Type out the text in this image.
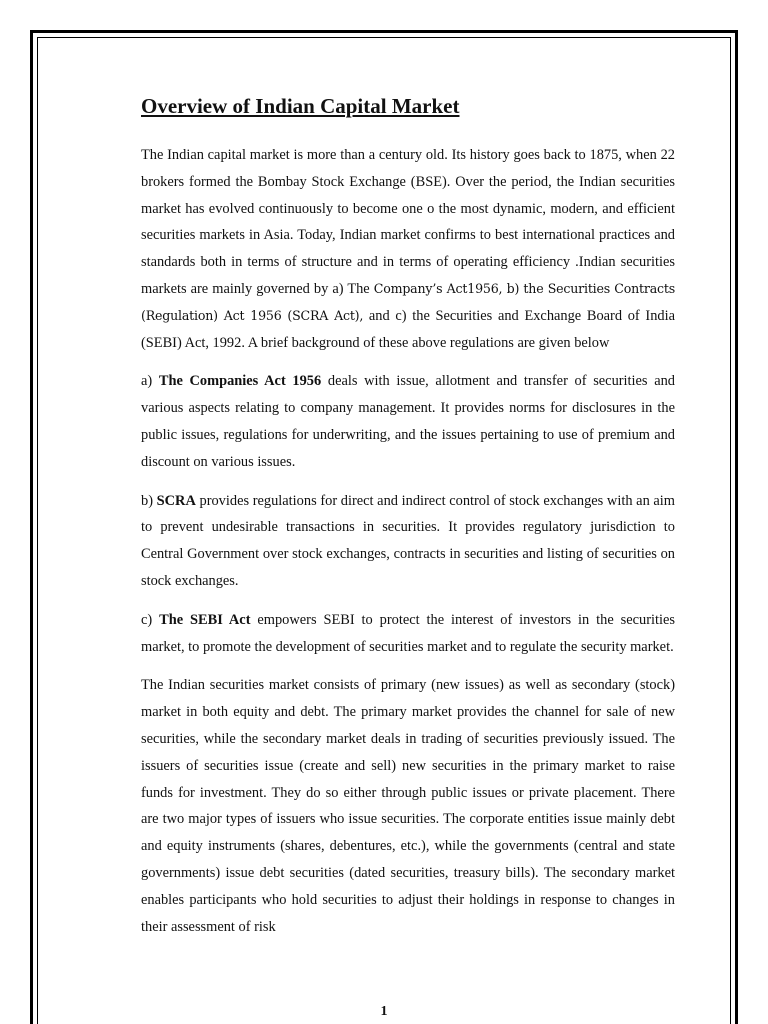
Overview of Indian Capital Market

The Indian capital market is more than a century old. Its history goes back to 1875, when 22 brokers formed the Bombay Stock Exchange (BSE). Over the period, the Indian securities market has evolved continuously to become one o the most dynamic, modern, and efficient securities markets in Asia. Today, Indian market confirms to best international practices and standards both in terms of structure and in terms of operating efficiency .Indian securities markets are mainly governed by a) The Company’s Act1956, b) the Securities Contracts (Regulation) Act 1956 (SCRA Act), and c) the Securities and Exchange Board of India (SEBI) Act, 1992. A brief background of these above regulations are given below

a) The Companies Act 1956 deals with issue, allotment and transfer of securities and various aspects relating to company management. It provides norms for disclosures in the public issues, regulations for underwriting, and the issues pertaining to use of premium and discount on various issues.

b) SCRA provides regulations for direct and indirect control of stock exchanges with an aim to prevent undesirable transactions in securities. It provides regulatory jurisdiction to Central Government over stock exchanges, contracts in securities and listing of securities on stock exchanges.

c) The SEBI Act empowers SEBI to protect the interest of investors in the securities market, to promote the development of securities market and to regulate the security market.

The Indian securities market consists of primary (new issues) as well as secondary (stock) market in both equity and debt. The primary market provides the channel for sale of new securities, while the secondary market deals in trading of securities previously issued. The issuers of securities issue (create and sell) new securities in the primary market to raise funds for investment. They do so either through public issues or private placement. There are two major types of issuers who issue securities. The corporate entities issue mainly debt and equity instruments (shares, debentures, etc.), while the governments (central and state governments) issue debt securities (dated securities, treasury bills). The secondary market enables participants who hold securities to adjust their holdings in response to changes in their assessment of risk

1
